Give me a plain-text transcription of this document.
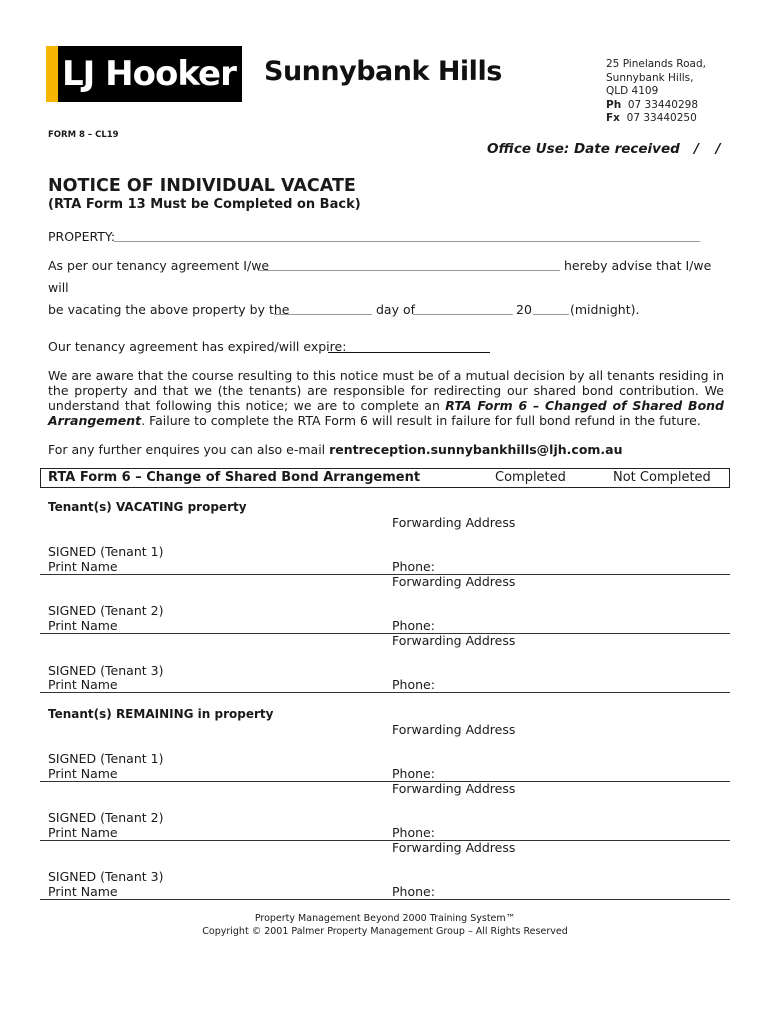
LJ Hooker Sunnybank Hills	25 Pinelands Road,
Sunnybank Hills,
QLD 4109
Ph 07 33440298
Fx 07 33440250
FORM 8 – CL19
Office Use: Date received / /
NOTICE OF INDIVIDUAL VACATE
(RTA Form 13 Must be Completed on Back)
PROPERTY:
As per our tenancy agreement I/we	hereby advise that I/we
will
be vacating the above property by the	day of	20	(midnight).
Our tenancy agreement has expired/will expire:
We are aware that the course resulting to this notice must be of a mutual decision by all tenants residing in the property and that we (the tenants) are responsible for redirecting our shared bond contribution. We understand that following this notice; we are to complete an RTA Form 6 – Changed of Shared Bond Arrangement. Failure to complete the RTA Form 6 will result in failure for full bond refund in the future.
For any further enquires you can also e-mail rentreception.sunnybankhills@ljh.com.au
RTA Form 6 – Change of Shared Bond Arrangement	Completed	Not Completed
Tenant(s) VACATING property
Forwarding Address
SIGNED (Tenant 1)
Print Name	Phone:
Forwarding Address
SIGNED (Tenant 2)
Print Name	Phone:
Forwarding Address
SIGNED (Tenant 3)
Print Name	Phone:
Tenant(s) REMAINING in property
Forwarding Address
SIGNED (Tenant 1)
Print Name	Phone:
Forwarding Address
SIGNED (Tenant 2)
Print Name	Phone:
Forwarding Address
SIGNED (Tenant 3)
Print Name	Phone:
Property Management Beyond 2000 Training System™
Copyright © 2001 Palmer Property Management Group – All Rights Reserved
